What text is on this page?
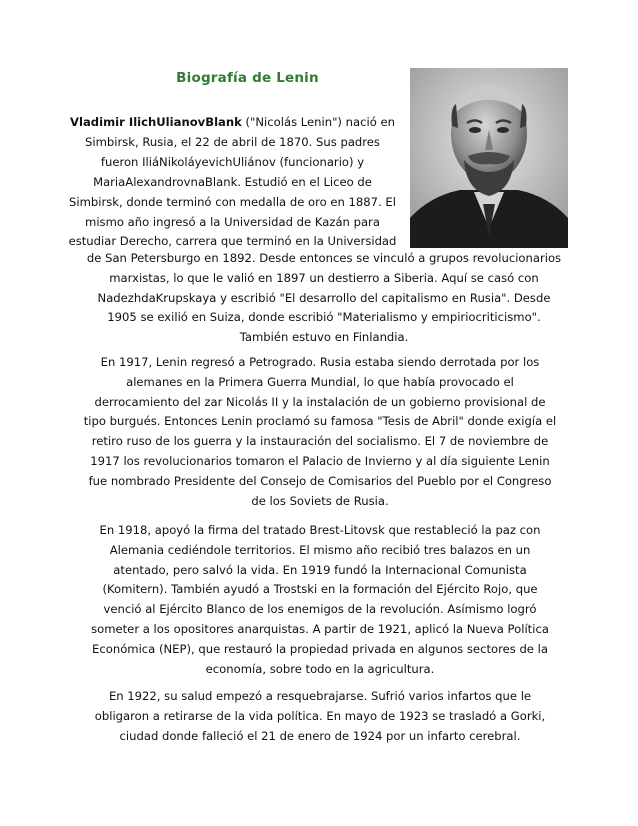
Biografía de Lenin
Vladimir IlichUlianovBlank ("Nicolás Lenin") nació en
Simbirsk, Rusia, el 22 de abril de 1870. Sus padres
fueron IliáNikoláyevichUliánov (funcionario) y
MariaAlexandrovnaBlank. Estudió en el Liceo de
Simbirsk, donde terminó con medalla de oro en 1887. El
mismo año ingresó a la Universidad de Kazán para
estudiar Derecho, carrera que terminó en la Universidad
de San Petersburgo en 1892. Desde entonces se vinculó a grupos revolucionarios
marxistas, lo que le valió en 1897 un destierro a Siberia. Aquí se casó con
NadezhdaKrupskaya y escribió "El desarrollo del capitalismo en Rusia". Desde
1905 se exilió en Suiza, donde escribió "Materialismo y empiriocriticismo".
También estuvo en Finlandia.
En 1917, Lenin regresó a Petrogrado. Rusia estaba siendo derrotada por los
alemanes en la Primera Guerra Mundial, lo que había provocado el
derrocamiento del zar Nicolás II y la instalación de un gobierno provisional de
tipo burgués. Entonces Lenin proclamó su famosa "Tesis de Abril" donde exigía el
retiro ruso de los guerra y la instauración del socialismo. El 7 de noviembre de
1917 los revolucionarios tomaron el Palacio de Invierno y al día siguiente Lenin
fue nombrado Presidente del Consejo de Comisarios del Pueblo por el Congreso
de los Soviets de Rusia.
En 1918, apoyó la firma del tratado Brest-Litovsk que restableció la paz con
Alemania cediéndole territorios. El mismo año recibió tres balazos en un
atentado, pero salvó la vida. En 1919 fundó la Internacional Comunista
(Komitern). También ayudó a Trostski en la formación del Ejército Rojo, que
venció al Ejército Blanco de los enemigos de la revolución. Asímismo logró
someter a los opositores anarquistas. A partir de 1921, aplicó la Nueva Política
Económica (NEP), que restauró la propiedad privada en algunos sectores de la
economía, sobre todo en la agricultura.
En 1922, su salud empezó a resquebrajarse. Sufrió varios infartos que le
obligaron a retirarse de la vida política. En mayo de 1923 se trasladó a Gorki,
ciudad donde falleció el 21 de enero de 1924 por un infarto cerebral.
